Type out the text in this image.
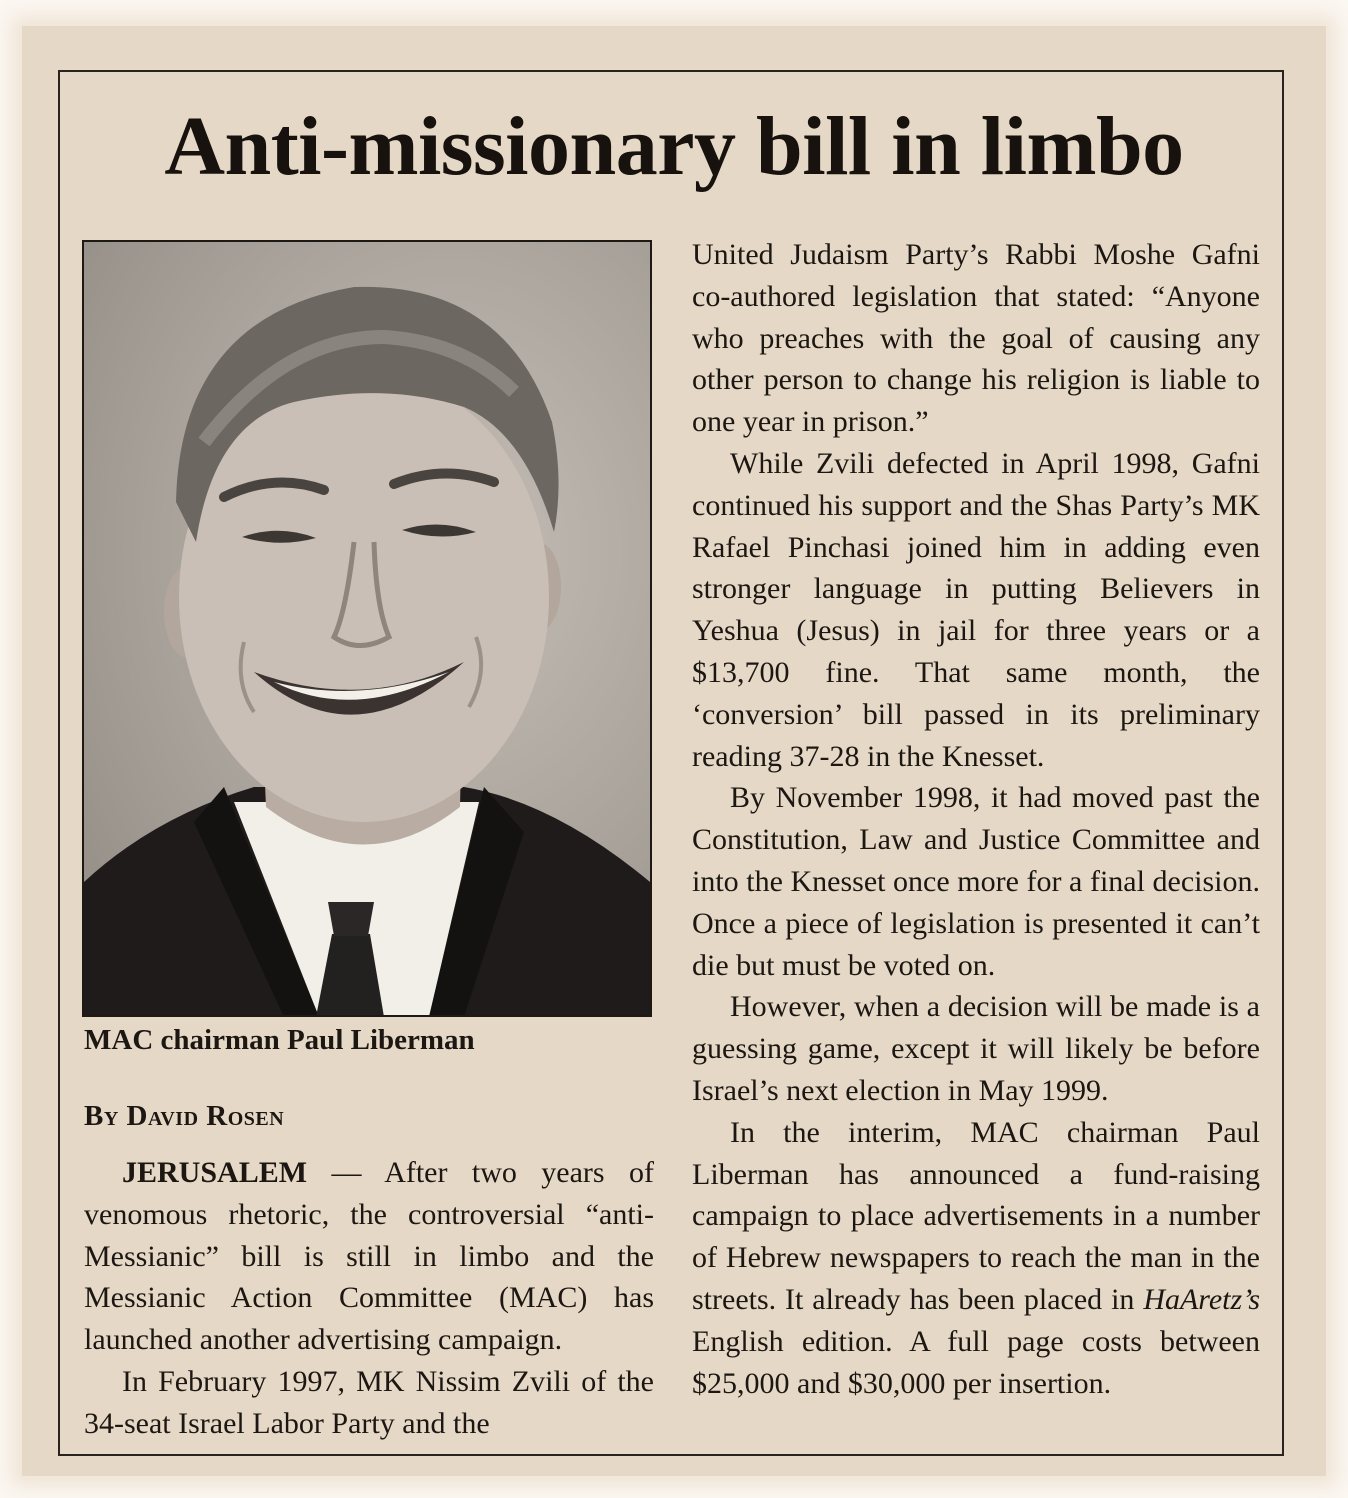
Anti-missionary bill in limbo

MAC chairman Paul Liberman

By David Rosen

JERUSALEM — After two years of venomous rhetoric, the controversial “anti-Messianic” bill is still in limbo and the Messianic Action Committee (MAC) has launched another advertising campaign.

In February 1997, MK Nissim Zvili of the 34-seat Israel Labor Party and the

United Judaism Party’s Rabbi Moshe Gafni co-authored legislation that stated: “Anyone who preaches with the goal of causing any other person to change his religion is liable to one year in prison.”

While Zvili defected in April 1998, Gafni continued his support and the Shas Party’s MK Rafael Pinchasi joined him in adding even stronger language in putting Believers in Yeshua (Jesus) in jail for three years or a $13,700 fine. That same month, the ‘conversion’ bill passed in its preliminary reading 37-28 in the Knesset.

By November 1998, it had moved past the Constitution, Law and Justice Committee and into the Knesset once more for a final decision. Once a piece of legislation is presented it can’t die but must be voted on.

However, when a decision will be made is a guessing game, except it will likely be before Israel’s next election in May 1999.

In the interim, MAC chairman Paul Liberman has announced a fund-raising campaign to place advertisements in a number of Hebrew newspapers to reach the man in the streets. It already has been placed in HaAretz’s English edition. A full page costs between $25,000 and $30,000 per insertion.
